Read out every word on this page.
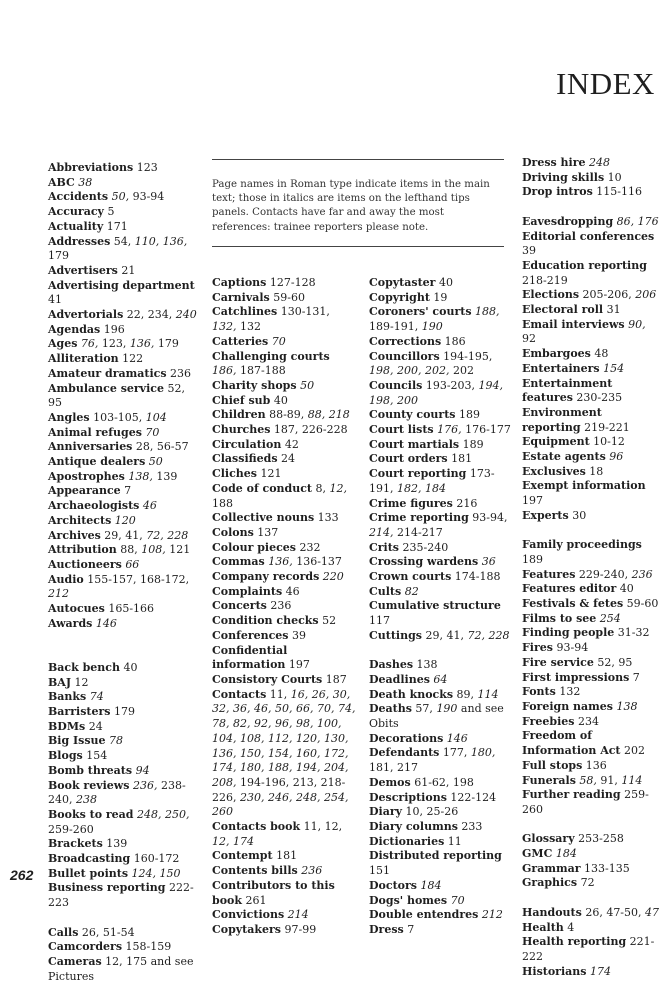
INDEX
Page names in Roman type indicate items in the main text; those in italics are items on the lefthand tips panels. Contacts have far and away the most references: trainee reporters please note.
Abbreviations 123
ABC 38
Accidents 50, 93-94
Accuracy 5
Actuality 171
Addresses 54, 110, 136, 179
Advertisers 21
Advertising department 41
Advertorials 22, 234, 240
Agendas 196
Ages 76, 123, 136, 179
Alliteration 122
Amateur dramatics 236
Ambulance service 52, 95
Angles 103-105, 104
Animal refuges 70
Anniversaries 28, 56-57
Antique dealers 50
Apostrophes 138, 139
Appearance 7
Archaeologists 46
Architects 120
Archives 29, 41, 72, 228
Attribution 88, 108, 121
Auctioneers 66
Audio 155-157, 168-172, 212
Autocues 165-166
Awards 146
Back bench 40
BAJ 12
Banks 74
Barristers 179
BDMs 24
Big Issue 78
Blogs 154
Bomb threats 94
Book reviews 236, 238-240, 238
Books to read 248, 250, 259-260
Brackets 139
Broadcasting 160-172
Bullet points 124, 150
Business reporting 222-223
Calls 26, 51-54
Camcorders 158-159
Cameras 12, 175 and see Pictures
Captions 127-128
Carnivals 59-60
Catchlines 130-131, 132, 132
Catteries 70
Challenging courts 186, 187-188
Charity shops 50
Chief sub 40
Children 88-89, 88, 218
Churches 187, 226-228
Circulation 42
Classifieds 24
Cliches 121
Code of conduct 8, 12, 188
Collective nouns 133
Colons 137
Colour pieces 232
Commas 136, 136-137
Company records 220
Complaints 46
Concerts 236
Condition checks 52
Conferences 39
Confidential information 197
Consistory Courts 187
Contacts 11, 16, 26, 30, 32, 36, 46, 50, 66, 70, 74, 78, 82, 92, 96, 98, 100, 104, 108, 112, 120, 130, 136, 150, 154, 160, 172, 174, 180, 188, 194, 204, 208, 194-196, 213, 218-226, 230, 246, 248, 254, 260
Contacts book 11, 12, 12, 174
Contempt 181
Contents bills 236
Contributors to this book 261
Convictions 214
Copytakers 97-99
Copytaster 40
Copyright 19
Coroners' courts 188, 189-191, 190
Corrections 186
Councillors 194-195, 198, 200, 202, 202
Councils 193-203, 194, 198, 200
County courts 189
Court lists 176, 176-177
Court martials 189
Court orders 181
Court reporting 173-191, 182, 184
Crime figures 216
Crime reporting 93-94, 214, 214-217
Crits 235-240
Crossing wardens 36
Crown courts 174-188
Cults 82
Cumulative structure 117
Cuttings 29, 41, 72, 228
Dashes 138
Deadlines 64
Death knocks 89, 114
Deaths 57, 190 and see Obits
Decorations 146
Defendants 177, 180, 181, 217
Demos 61-62, 198
Descriptions 122-124
Diary 10, 25-26
Diary columns 233
Dictionaries 11
Distributed reporting 151
Doctors 184
Dogs' homes 70
Double entendres 212
Dress 7
Dress hire 248
Driving skills 10
Drop intros 115-116
Eavesdropping 86, 176
Editorial conferences 39
Education reporting 218-219
Elections 205-206, 206
Electoral roll 31
Email interviews 90, 92
Embargoes 48
Entertainers 154
Entertainment features 230-235
Environment reporting 219-221
Equipment 10-12
Estate agents 96
Exclusives 18
Exempt information 197
Experts 30
Family proceedings 189
Features 229-240, 236
Features editor 40
Festivals & fetes 59-60
Films to see 254
Finding people 31-32
Fires 93-94
Fire service 52, 95
First impressions 7
Fonts 132
Foreign names 138
Freebies 234
Freedom of Information Act 202
Full stops 136
Funerals 58, 91, 114
Further reading 259-260
Glossary 253-258
GMC 184
Grammar 133-135
Graphics 72
Handouts 26, 47-50, 47
Health 4
Health reporting 221-222
Historians 174
262
